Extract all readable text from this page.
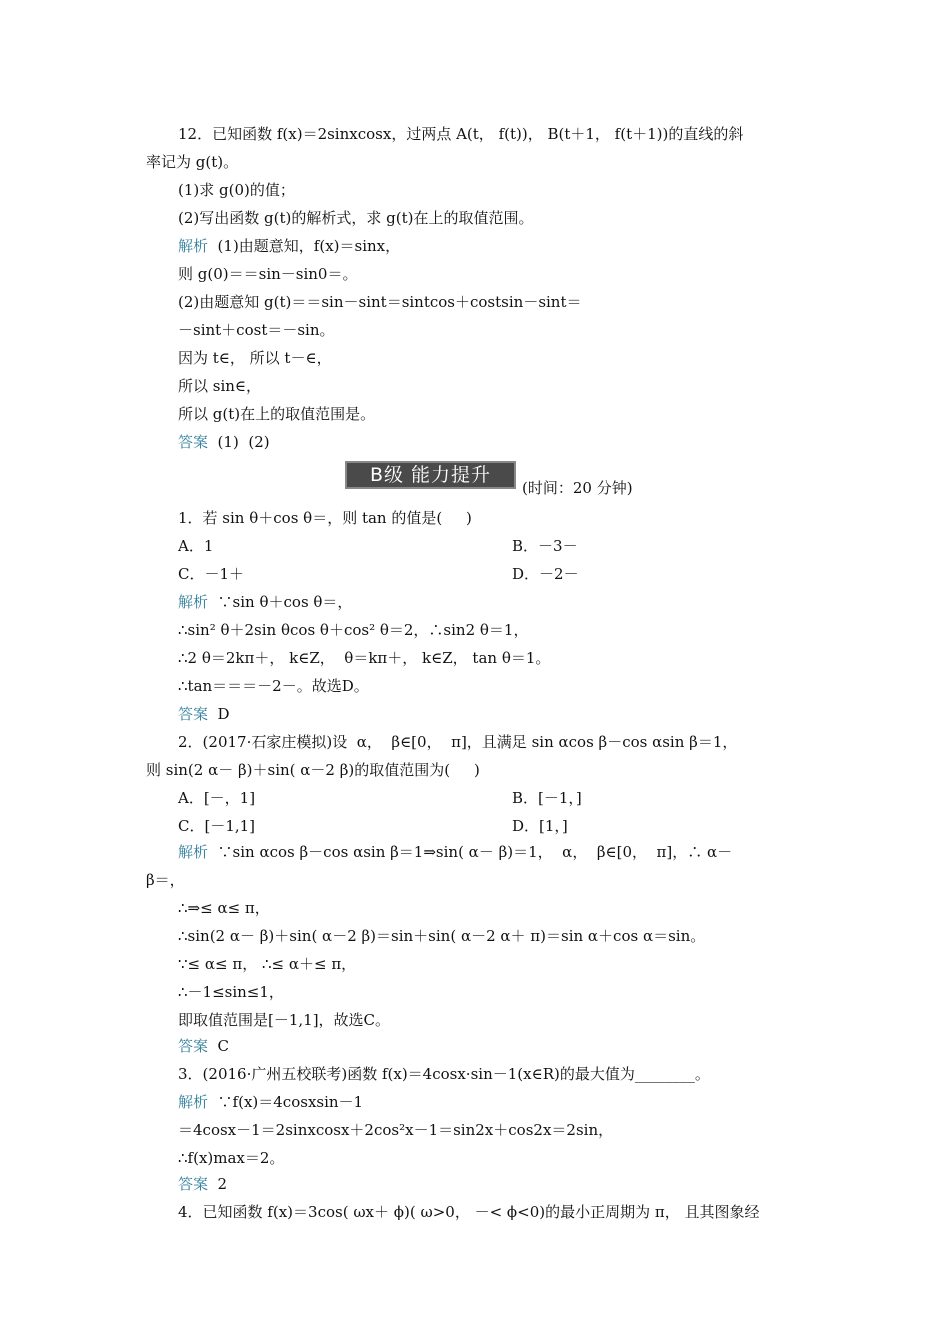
12．已知函数 f(x)＝2sinxcosx，过两点 A(t， f(t))， B(t＋1， f(t＋1))的直线的斜
率记为 g(t)。
(1)求 g(0)的值；
(2)写出函数 g(t)的解析式，求 g(t)在上的取值范围。
解析  (1)由题意知，f(x)＝sinx，
则 g(0)＝＝sin－sin0＝。
(2)由题意知 g(t)＝＝sin－sint＝sintcos＋costsin－sint＝
－sint＋cost＝－sin。
因为 t∈， 所以 t－∈，
所以 sin∈，
所以 g(t)在上的取值范围是。
答案  (1)  (2)
B级 能力提升
(时间：20 分钟)
1．若 sin θ＋cos θ＝，则 tan 的值是(     )
A．1	B．－3－
C．－1＋	D．－2－
解析  ∵sin θ＋cos θ＝，
∴sin² θ＋2sin θcos θ＋cos² θ＝2，∴sin2 θ＝1，
∴2 θ＝2kπ＋， k∈Z，  θ＝kπ＋， k∈Z， tan θ＝1。
∴tan＝＝＝－2－。故选D。
答案  D
2．(2017·石家庄模拟)设  α，  β∈[0，  π]，且满足 sin αcos β－cos αsin β＝1，
则 sin(2 α－ β)＋sin( α－2 β)的取值范围为(     )
A．[－，1]	B．[－1，]
C．[－1,1]	D．[1，]
解析  ∵sin αcos β－cos αsin β＝1⇒sin( α－ β)＝1，  α，  β∈[0，  π]，∴ α－
β＝，
∴⇒≤ α≤ π，
∴sin(2 α－ β)＋sin( α－2 β)＝sin＋sin( α－2 α＋ π)＝sin α＋cos α＝sin。
∵≤ α≤ π， ∴≤ α＋≤ π，
∴－1≤sin≤1，
即取值范围是[－1,1]，故选C。
答案  C
3．(2016·广州五校联考)函数 f(x)＝4cosx·sin－1(x∈R)的最大值为________。
解析  ∵f(x)＝4cosxsin－1
＝4cosx－1＝2sinxcosx＋2cos²x－1＝sin2x＋cos2x＝2sin，
∴f(x)max＝2。
答案  2
4．已知函数 f(x)＝3cos( ωx＋ ϕ)( ω>0， －< ϕ<0)的最小正周期为 π， 且其图象经
